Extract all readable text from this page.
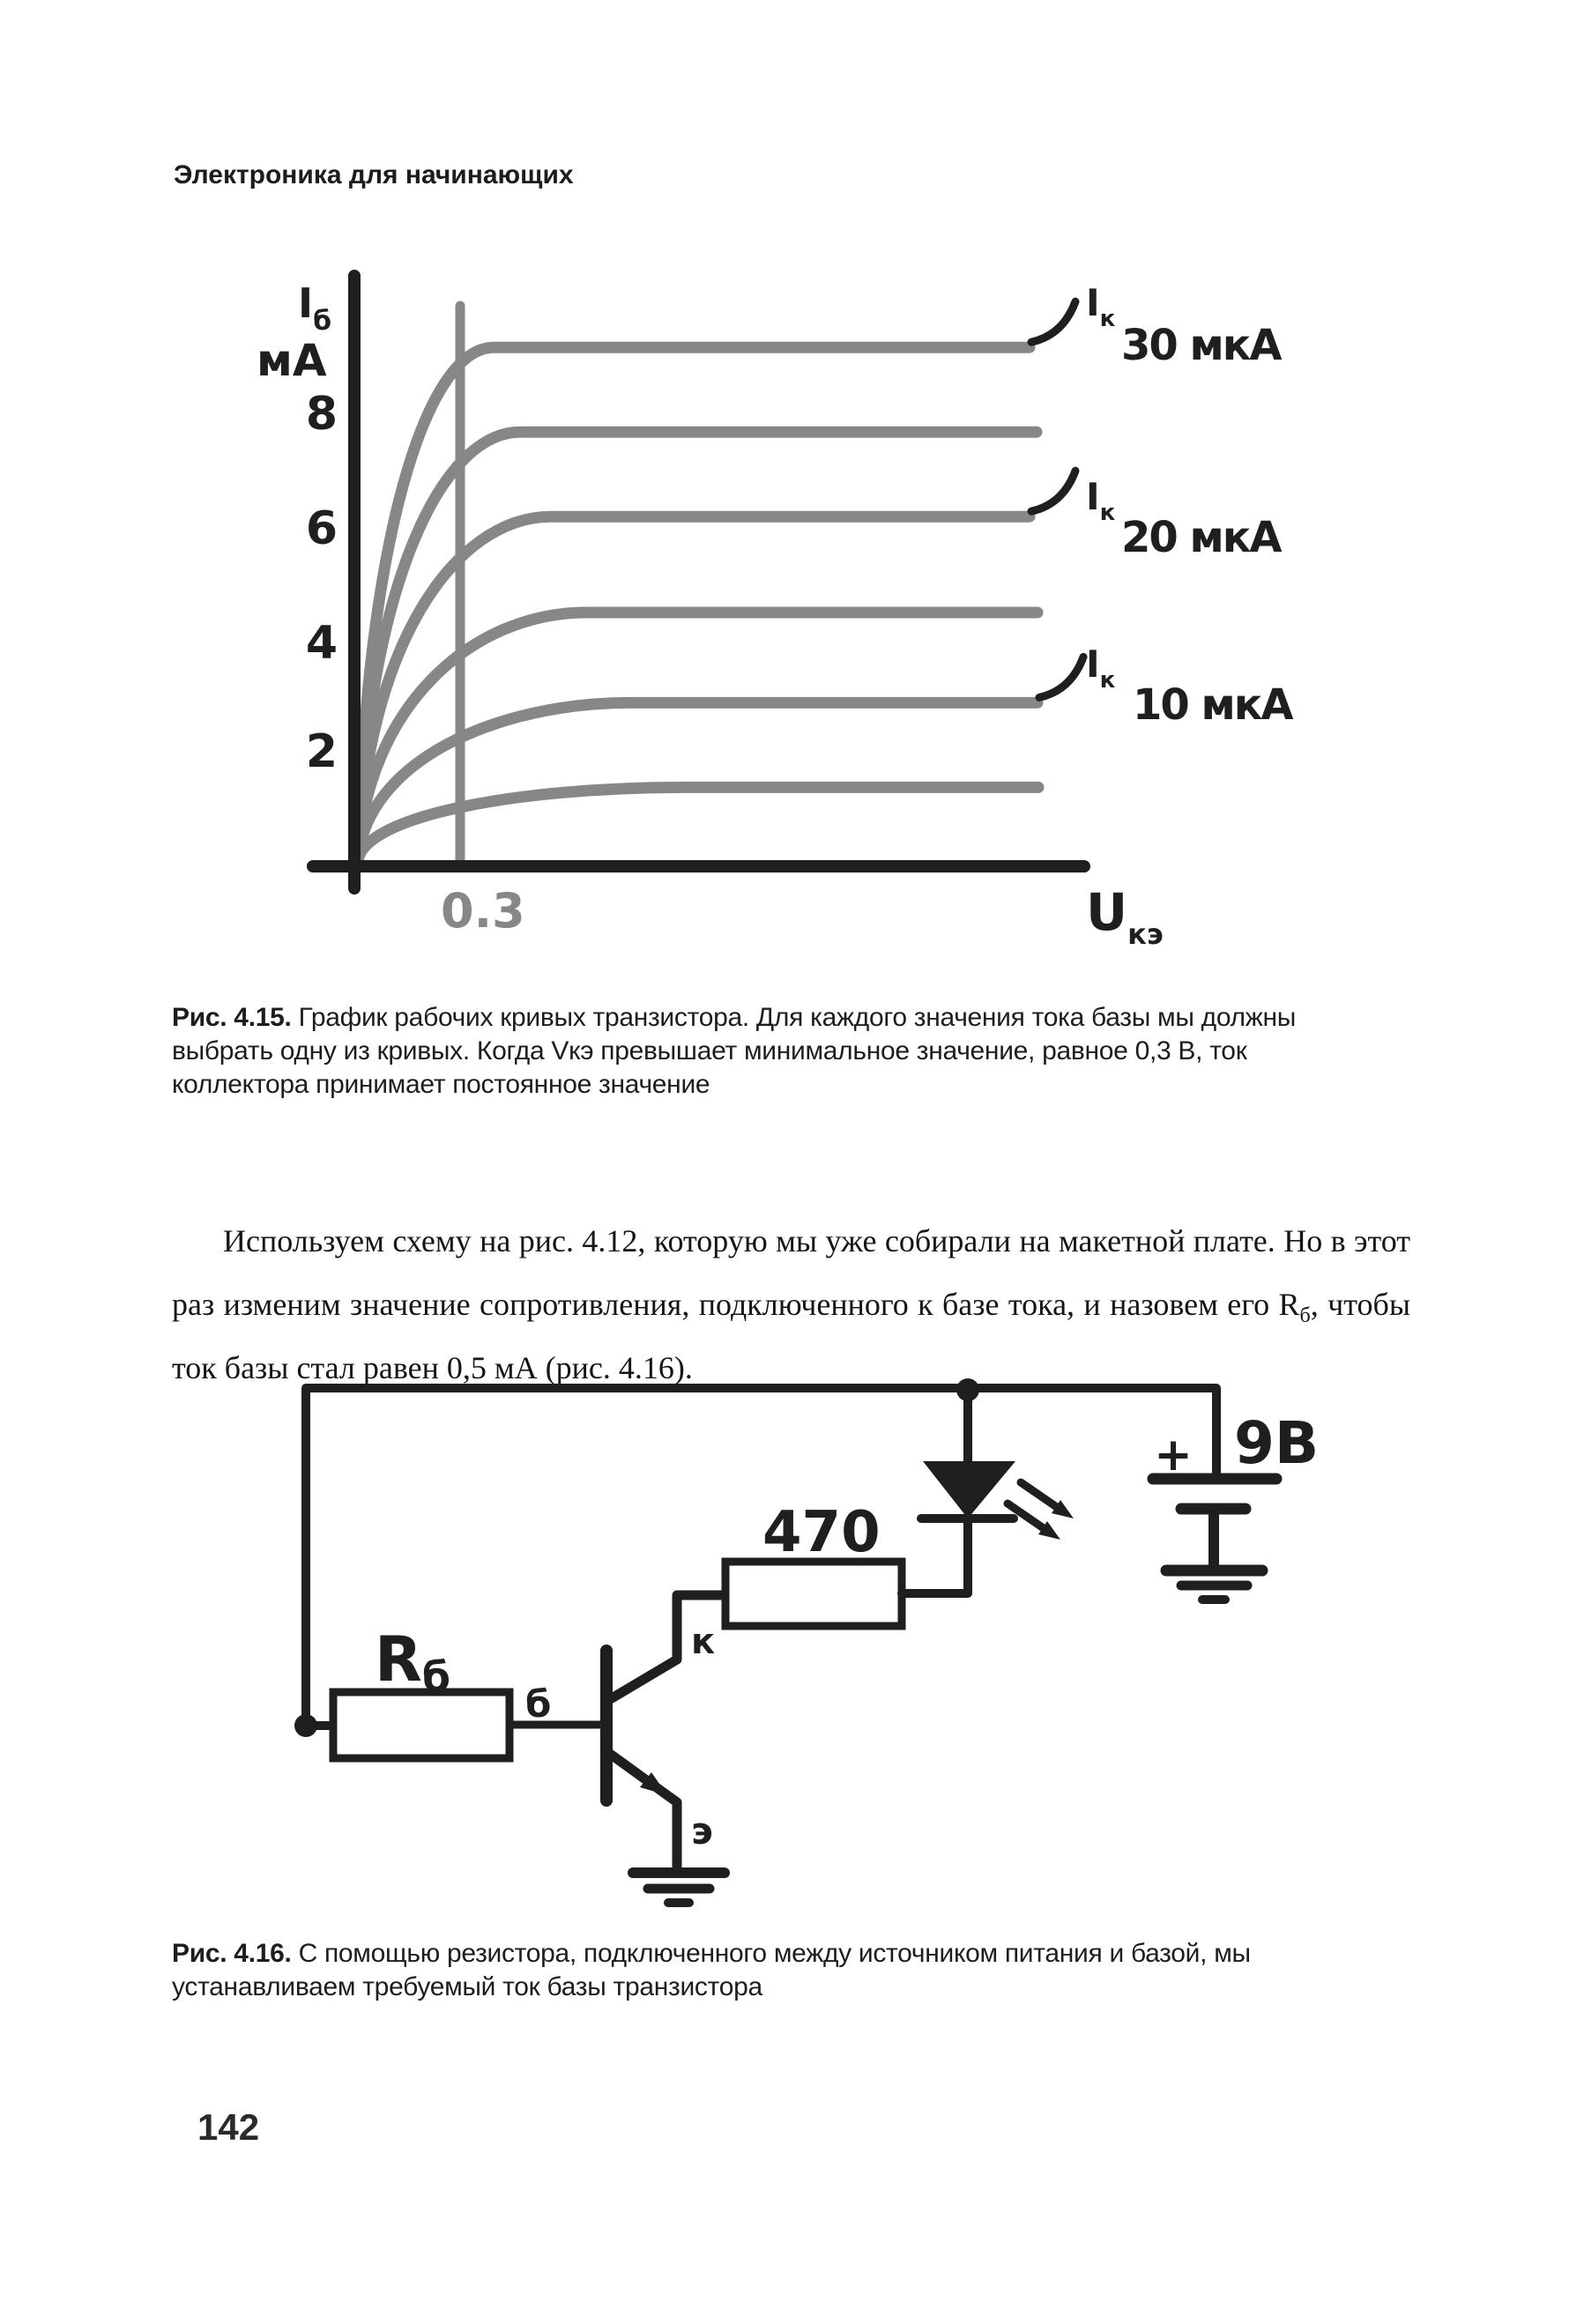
Электроника для начинающих
$I_б$
мА
8
6
4
2
0.3	$U_{кэ}$
$I_к$
30 мкА
$I_к$ 20 мкА
$I_к$ 10 мкА
Рис. 4.15. График рабочих кривых транзистора. Для каждого значения тока базы мы должны выбрать одну из кривых. Когда Vкэ превышает минимальное значение, равное 0,3 В, ток коллектора принимает постоянное значение

Используем схему на рис. 4.12, которую мы уже собирали на макетной плате. Но в этот раз изменим значение сопротивления, подключенного к базе тока, и назовем его $R_б$, чтобы ток базы стал равен 0,5 мА (рис. 4.16).

Rб
б
к
э
470
+ 9В
Рис. 4.16. С помощью резистора, подключенного между источником питания и базой, мы устанавливаем требуемый ток базы транзистора
142
